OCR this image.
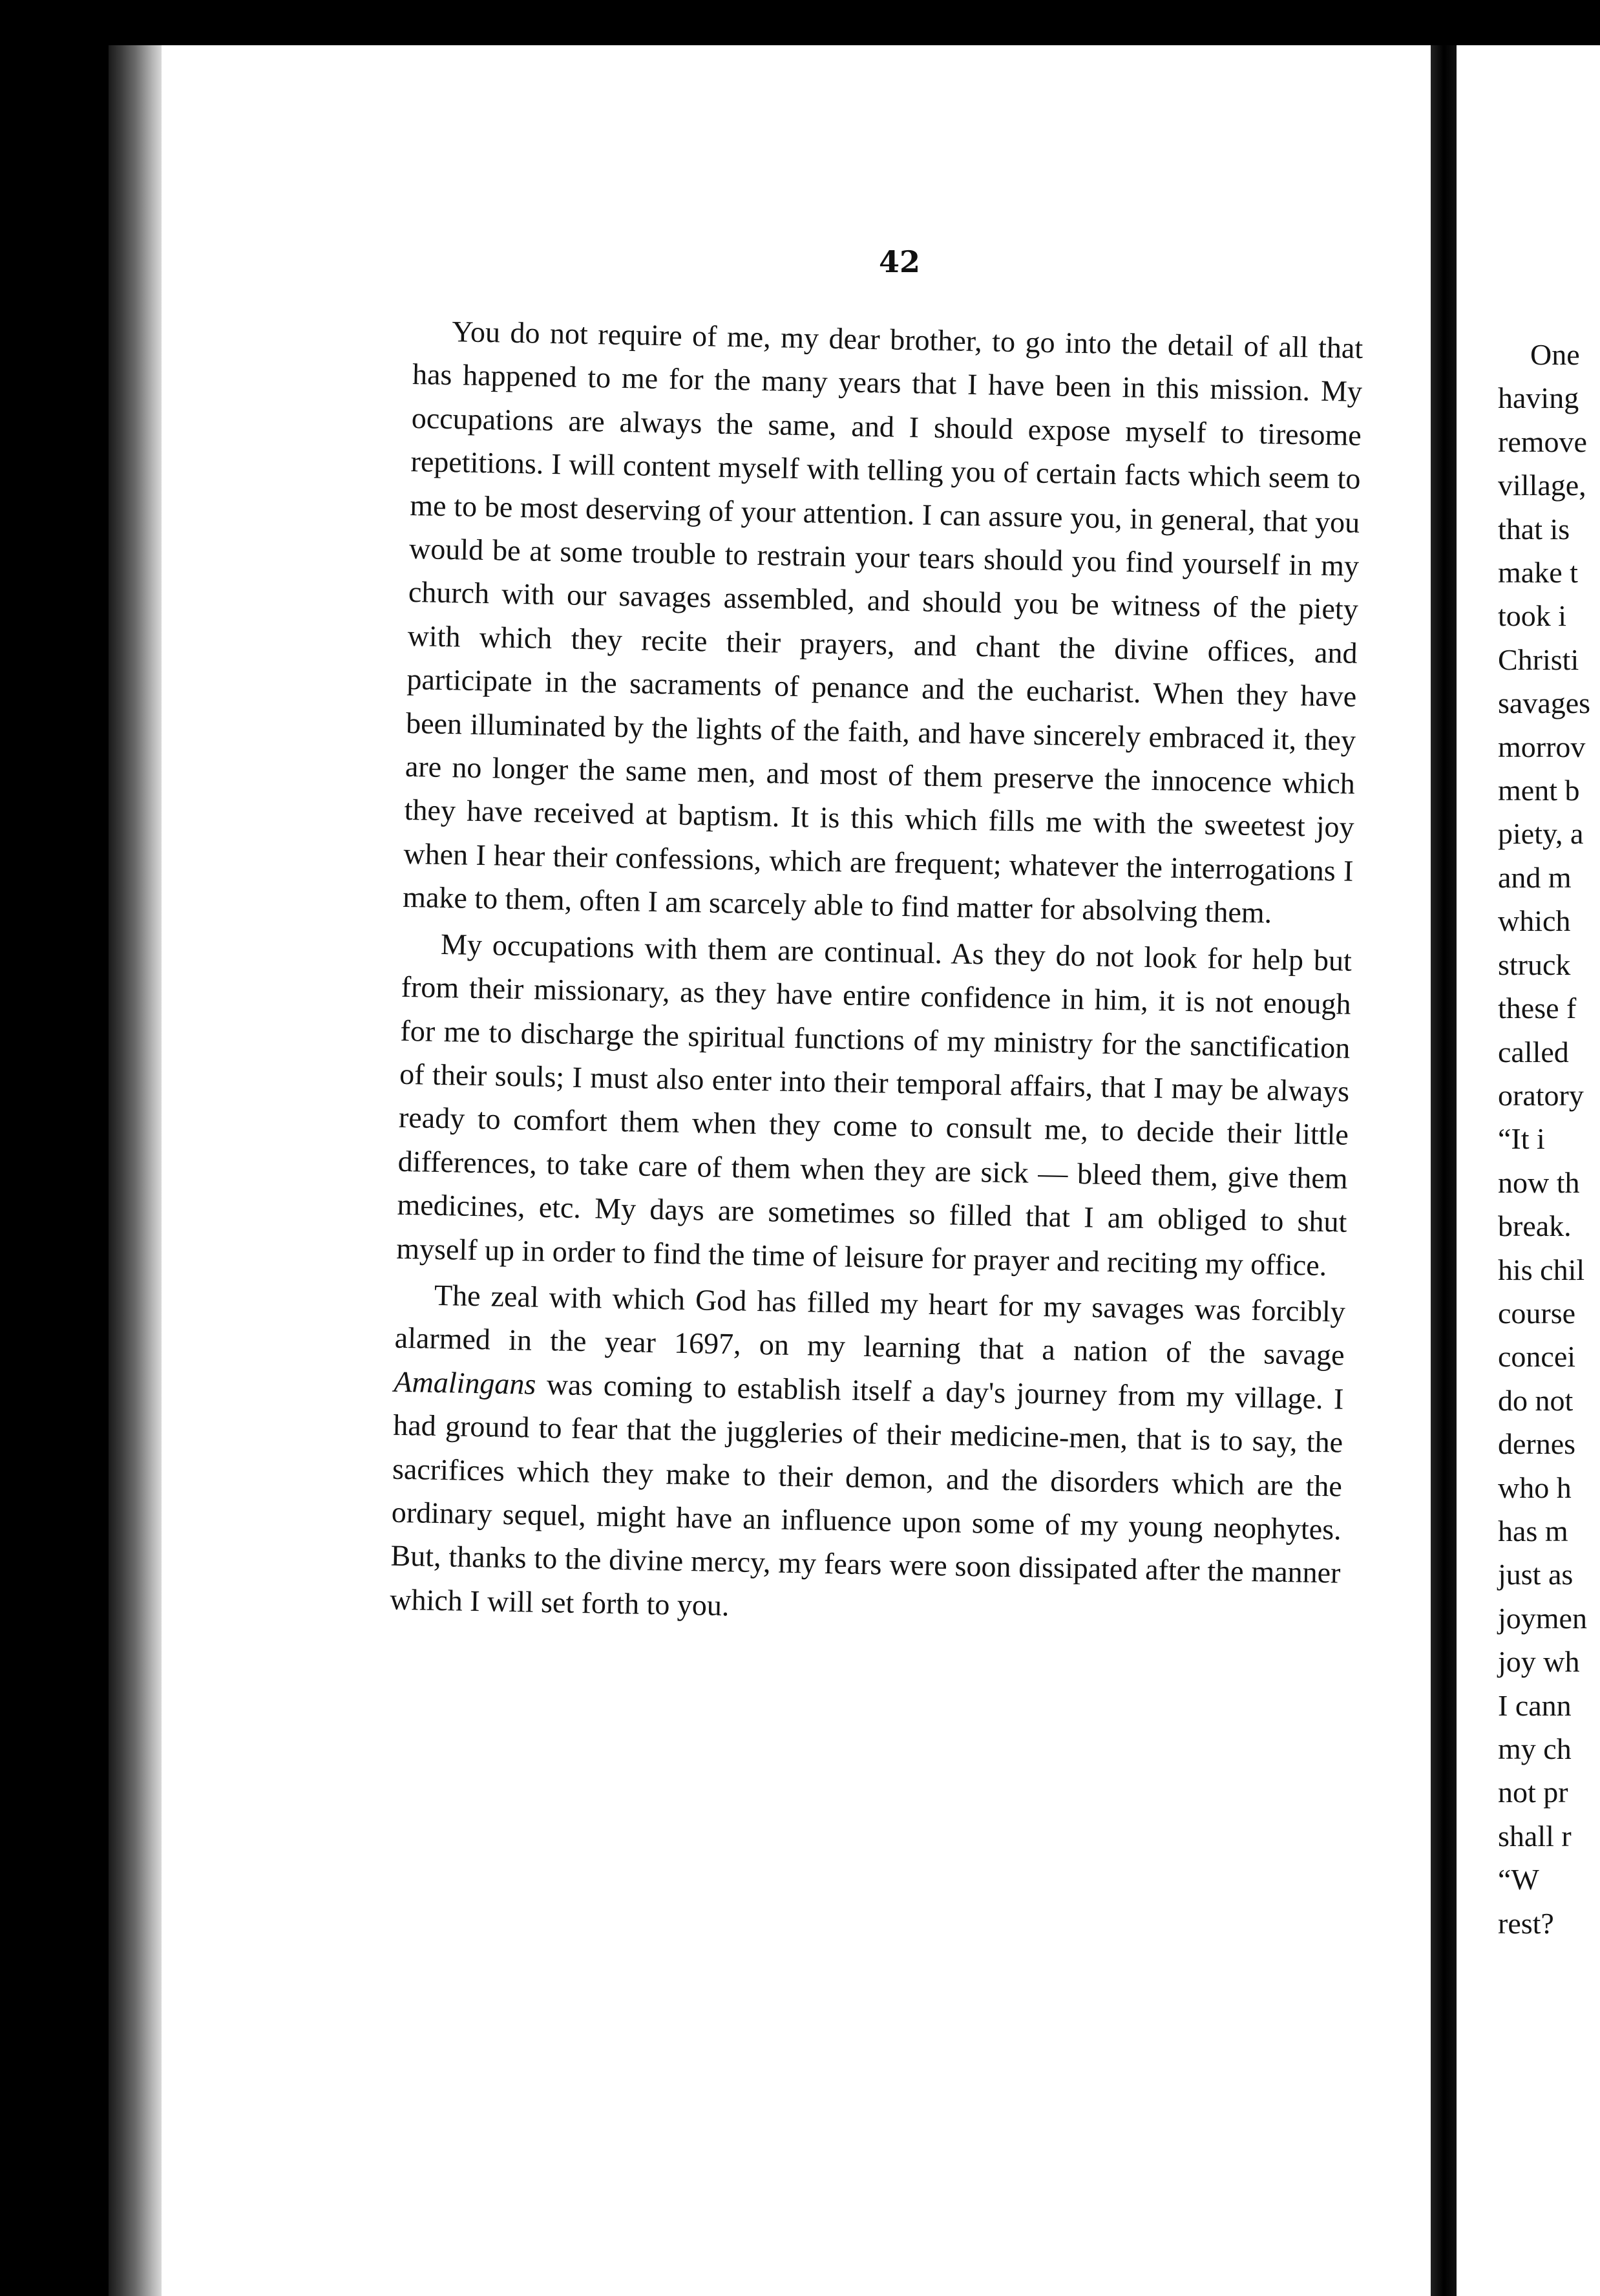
42

You do not require of me, my dear brother, to go into the detail of all that has happened to me for the many years that I have been in this mission. My occupations are always the same, and I should expose myself to tiresome repetitions. I will content myself with telling you of certain facts which seem to me to be most deserving of your attention. I can assure you, in general, that you would be at some trouble to restrain your tears should you find yourself in my church with our savages assembled, and should you be witness of the piety with which they recite their prayers, and chant the divine offices, and participate in the sacraments of penance and the eucharist. When they have been illuminated by the lights of the faith, and have sincerely embraced it, they are no longer the same men, and most of them preserve the innocence which they have received at baptism. It is this which fills me with the sweetest joy when I hear their confessions, which are frequent; whatever the interrogations I make to them, often I am scarcely able to find matter for absolving them.

My occupations with them are continual. As they do not look for help but from their missionary, as they have entire confidence in him, it is not enough for me to discharge the spiritual functions of my ministry for the sanctification of their souls; I must also enter into their temporal affairs, that I may be always ready to comfort them when they come to consult me, to decide their little differences, to take care of them when they are sick — bleed them, give them medicines, etc. My days are sometimes so filled that I am obliged to shut myself up in order to find the time of leisure for prayer and reciting my office.

The zeal with which God has filled my heart for my savages was forcibly alarmed in the year 1697, on my learning that a nation of the savage Amalingans was coming to establish itself a day's journey from my village. I had ground to fear that the juggleries of their medicine-men, that is to say, the sacrifices which they make to their demon, and the disorders which are the ordinary sequel, might have an influence upon some of my young neophytes. But, thanks to the divine mercy, my fears were soon dissipated after the manner which I will set forth to you.

One
having
remove
village,
that is
make t
took i
Christi
savages
morrov
ment b
piety, a
and m
which
struck
these f
called
oratory
“It i
now th
break.
his chil
course
concei
do not
dernes
who h
has m
just as
joymen
joy wh
I cann
my ch
not pr
shall r
“W
rest?
